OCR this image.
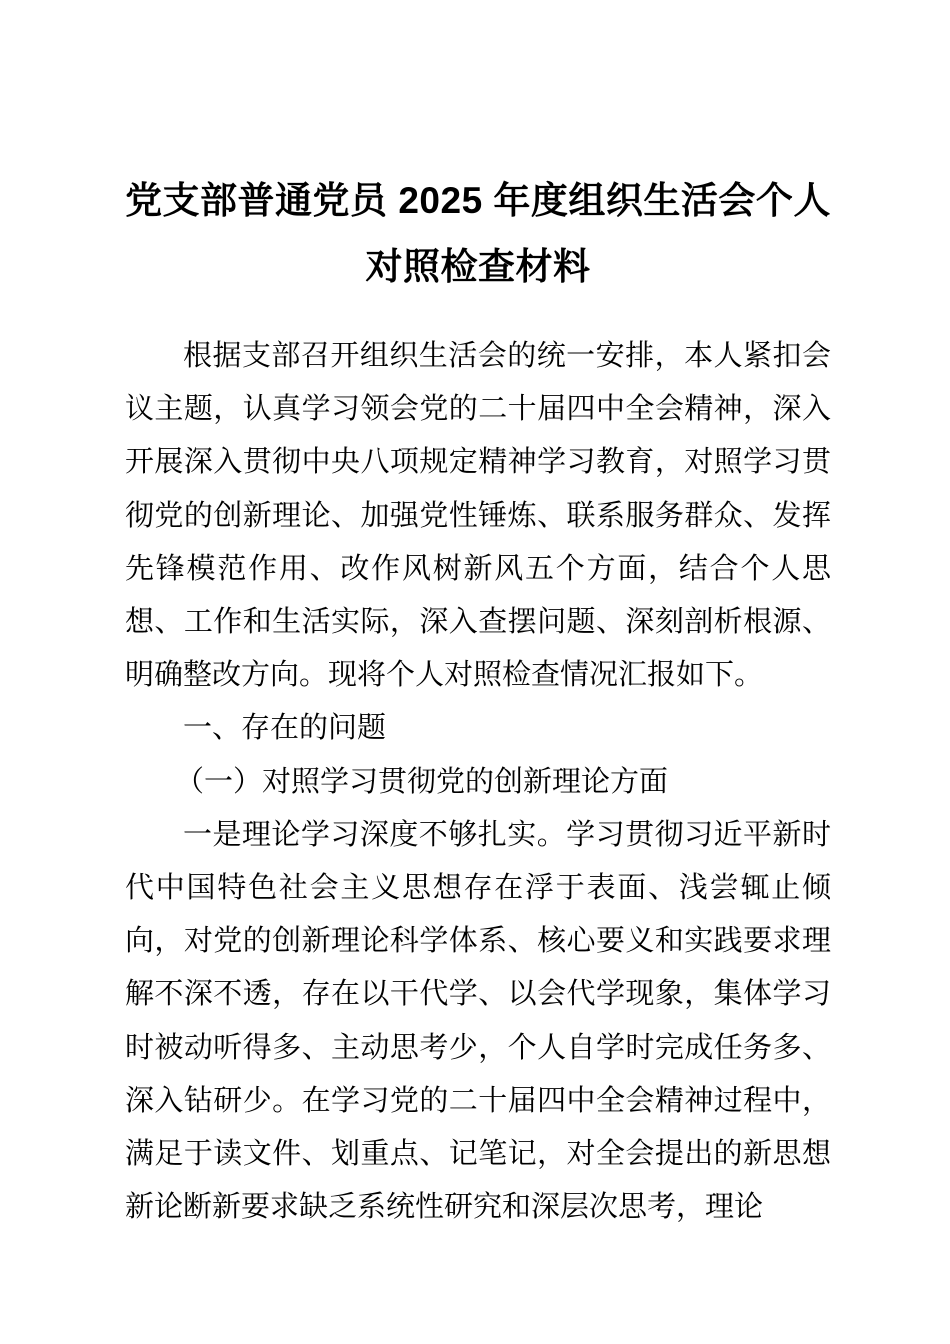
党支部普通党员 2025 年度组织生活会个人对照检查材料

根据支部召开组织生活会的统一安排，本人紧扣会议主题，认真学习领会党的二十届四中全会精神，深入开展深入贯彻中央八项规定精神学习教育，对照学习贯彻党的创新理论、加强党性锤炼、联系服务群众、发挥先锋模范作用、改作风树新风五个方面，结合个人思想、工作和生活实际，深入查摆问题、深刻剖析根源、明确整改方向。现将个人对照检查情况汇报如下。

一、存在的问题

（一）对照学习贯彻党的创新理论方面

一是理论学习深度不够扎实。学习贯彻习近平新时代中国特色社会主义思想存在浮于表面、浅尝辄止倾向，对党的创新理论科学体系、核心要义和实践要求理解不深不透，存在以干代学、以会代学现象，集体学习时被动听得多、主动思考少，个人自学时完成任务多、深入钻研少。在学习党的二十届四中全会精神过程中，满足于读文件、划重点、记笔记，对全会提出的新思想新论断新要求缺乏系统性研究和深层次思考，理论
